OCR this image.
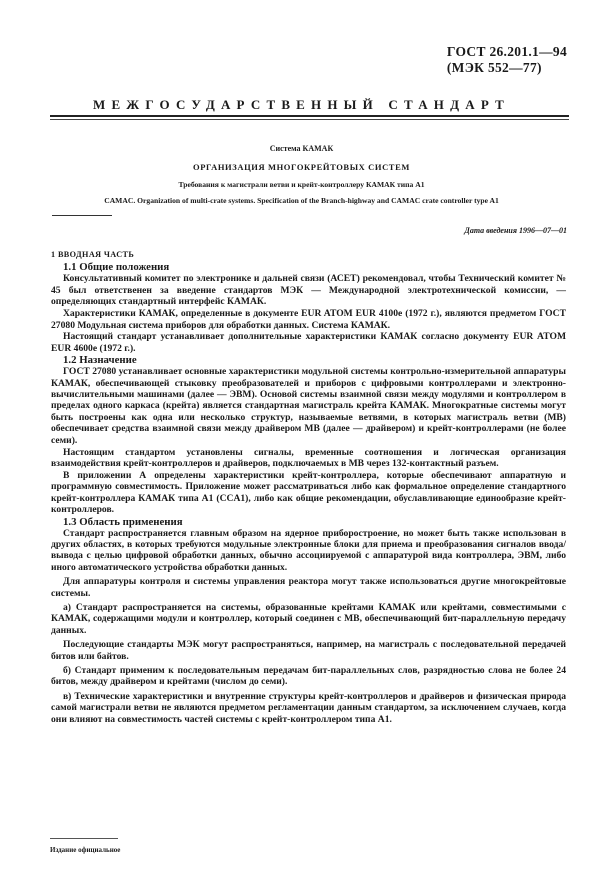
ГОСТ 26.201.1—94
(МЭК 552—77)
МЕЖГОСУДАРСТВЕННЫЙ СТАНДАРТ
Система КАМАК
ОРГАНИЗАЦИЯ МНОГОКРЕЙТОВЫХ СИСТЕМ
Требования к магистрали ветви и крейт-контроллеру КАМАК типа А1
CAMAC. Organization of multi-crate systems. Specification of the Branch-highway and CAMAC crate controller type A1
Дата введения 1996—07—01
1 ВВОДНАЯ ЧАСТЬ
1.1 Общие положения

Консультативный комитет по электронике и дальней связи (АСЕТ) рекомендовал, чтобы Технический комитет № 45 был ответственен за введение стандартов МЭК — Международной электротехнической комиссии, — определяющих стандартный интерфейс КАМАК.

Характеристики КАМАК, определенные в документе EUR ATOM EUR 4100e (1972 г.), являются предметом ГОСТ 27080 Модульная система приборов для обработки данных. Система КАМАК.

Настоящий стандарт устанавливает дополнительные характеристики КАМАК согласно документу EUR ATOM EUR 4600e (1972 г.).

1.2 Назначение

ГОСТ 27080 устанавливает основные характеристики модульной системы контрольно-измерительной аппаратуры КАМАК, обеспечивающей стыковку преобразователей и приборов с цифровыми контроллерами и электронно-вычислительными машинами (далее — ЭВМ). Основой системы взаимной связи между модулями и контроллером в пределах одного каркаса (крейта) является стандартная магистраль крейта КАМАК. Многократные системы могут быть построены как одна или несколько структур, называемые ветвями, в которых магистраль ветви (МВ) обеспечивает средства взаимной связи между драйвером МВ (далее — драйвером) и крейт-контроллерами (не более семи).

Настоящим стандартом установлены сигналы, временные соотношения и логическая организация взаимодействия крейт-контроллеров и драйверов, подключаемых в МВ через 132-контактный разъем.

В приложении А определены характеристики крейт-контроллера, которые обеспечивают аппаратную и программную совместимость. Приложение может рассматриваться либо как формальное определение стандартного крейт-контроллера КАМАК типа А1 (CCA1), либо как общие рекомендации, обуславливающие единообразие крейт-контроллеров.

1.3 Область применения

Стандарт распространяется главным образом на ядерное приборостроение, но может быть также использован в других областях, в которых требуются модульные электронные блоки для приема и преобразования сигналов ввода/вывода с целью цифровой обработки данных, обычно ассоциируемой с аппаратурой вида контроллера, ЭВМ, либо иного автоматического устройства обработки данных.

Для аппаратуры контроля и системы управления реактора могут также использоваться другие многокрейтовые системы.

а) Стандарт распространяется на системы, образованные крейтами КАМАК или крейтами, совместимыми с КАМАК, содержащими модули и контроллер, который соединен с МВ, обеспечивающий бит-параллельную передачу данных.

Последующие стандарты МЭК могут распространяться, например, на магистраль с последовательной передачей битов или байтов.

б) Стандарт применим к последовательным передачам бит-параллельных слов, разрядностью слова не более 24 битов, между драйвером и крейтами (числом до семи).

в) Технические характеристики и внутренние структуры крейт-контроллеров и драйверов и физическая природа самой магистрали ветви не являются предметом регламентации данным стандартом, за исключением случаев, когда они влияют на совместимость частей системы с крейт-контроллером типа А1.

Издание официальное
